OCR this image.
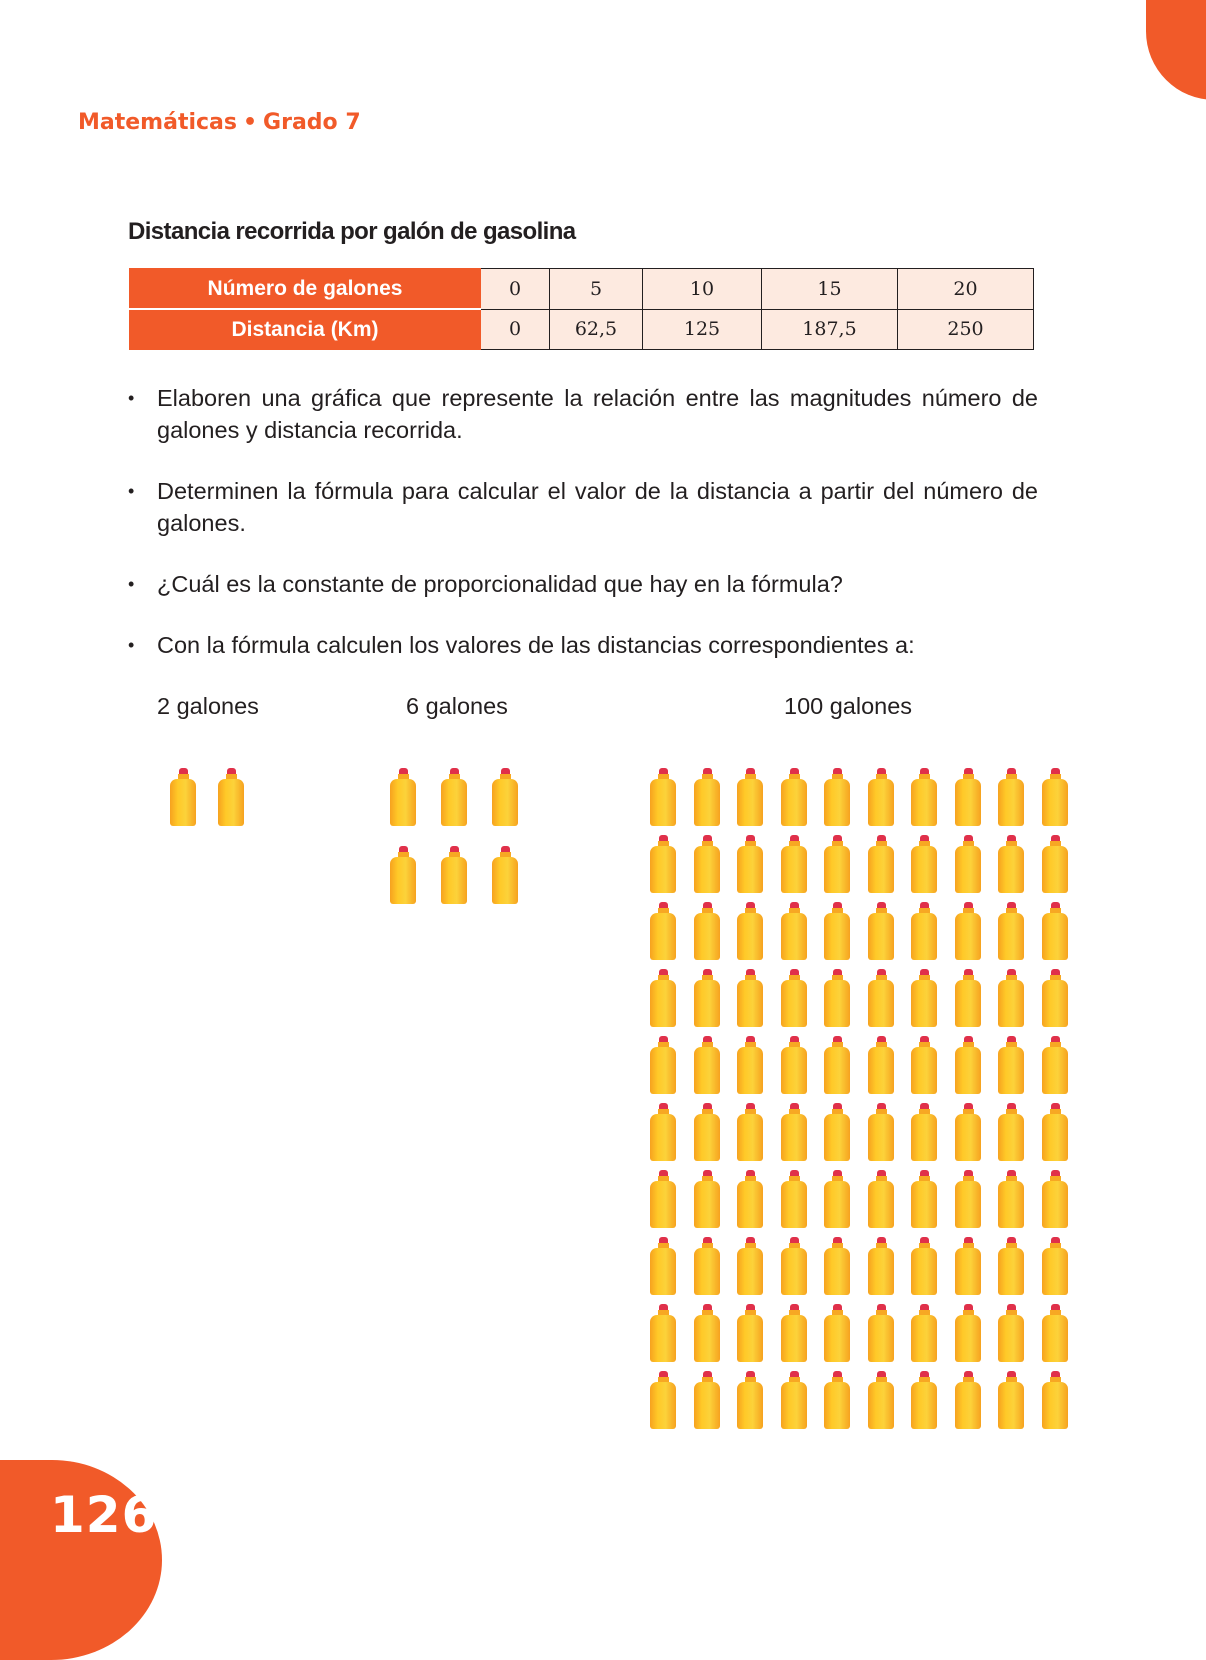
Matemáticas • Grado 7
Distancia recorrida por galón de gasolina
Número de galones	0	5	10	15	20
Distancia (Km)	0	62,5	125	187,5	250
• Elaboren una gráfica que represente la relación entre las magnitudes número de galones y distancia recorrida.
• Determinen la fórmula para calcular el valor de la distancia a partir del número de galones.
• ¿Cuál es la constante de proporcionalidad que hay en la fórmula?
• Con la fórmula calculen los valores de las distancias correspondientes a:
2 galones	6 galones	100 galones
126
